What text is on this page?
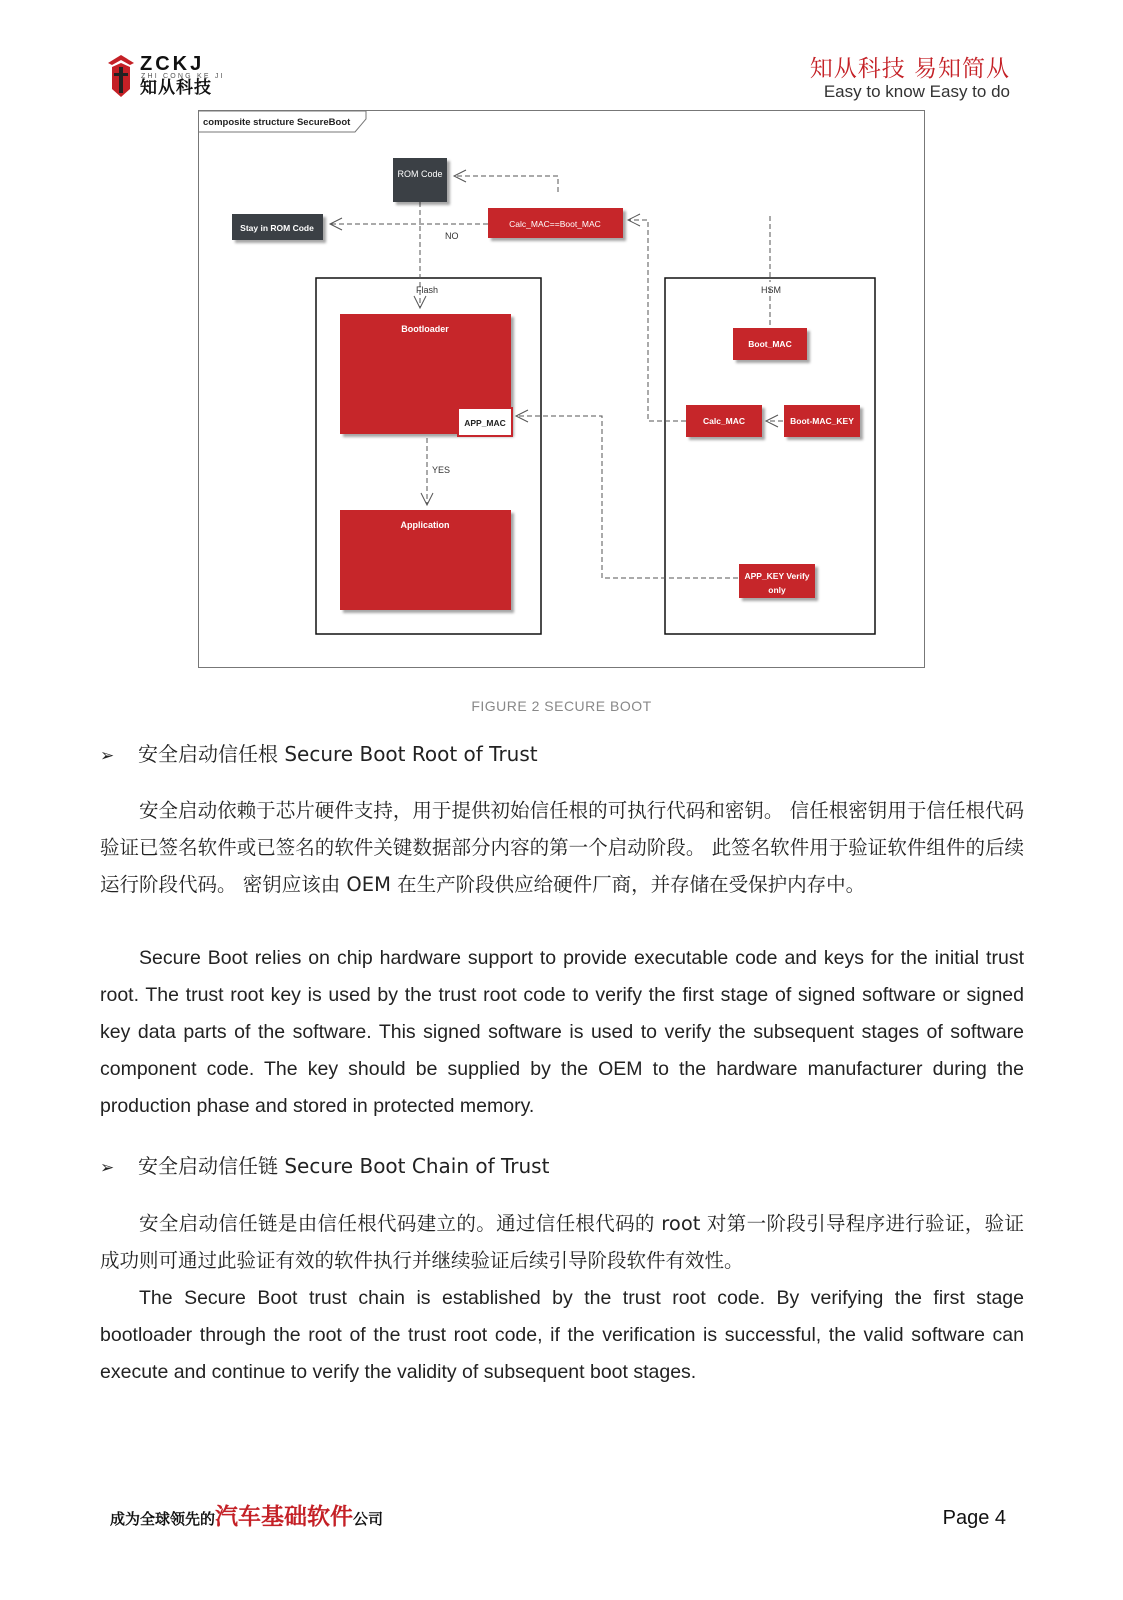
ZCKJ
ZHI CONG KE JI
知从科技
知从科技 易知简从
Easy to know Easy to do
composite structure SecureBoot
NO
Flash	HSM
YES
ROM Code
Stay in ROM Code	Calc_MAC==Boot_MAC
Bootloader
APP_MAC
Application
Boot_MAC
Calc_MAC	Boot-MAC_KEY
APP_KEY Verify
only
FIGURE 2 SECURE BOOT
➢ 安全启动信任根 Secure Boot Root of Trust
安全启动依赖于芯片硬件支持，用于提供初始信任根的可执行代码和密钥。 信任根密钥用于信任根代码验证已签名软件或已签名的软件关键数据部分内容的第一个启动阶段。 此签名软件用于验证软件组件的后续运行阶段代码。 密钥应该由 OEM 在生产阶段供应给硬件厂商，并存储在受保护内存中。
Secure Boot relies on chip hardware support to provide executable code and keys for the initial trust root. The trust root key is used by the trust root code to verify the first stage of signed software or signed key data parts of the software. This signed software is used to verify the subsequent stages of software component code. The key should be supplied by the OEM to the hardware manufacturer during the production phase and stored in protected memory.
➢ 安全启动信任链 Secure Boot Chain of Trust
安全启动信任链是由信任根代码建立的。通过信任根代码的 root 对第一阶段引导程序进行验证，验证成功则可通过此验证有效的软件执行并继续验证后续引导阶段软件有效性。
The Secure Boot trust chain is established by the trust root code. By verifying the first stage bootloader through the root of the trust root code, if the verification is successful, the valid software can execute and continue to verify the validity of subsequent boot stages.
成为全球领先的汽车基础软件公司	Page 4
